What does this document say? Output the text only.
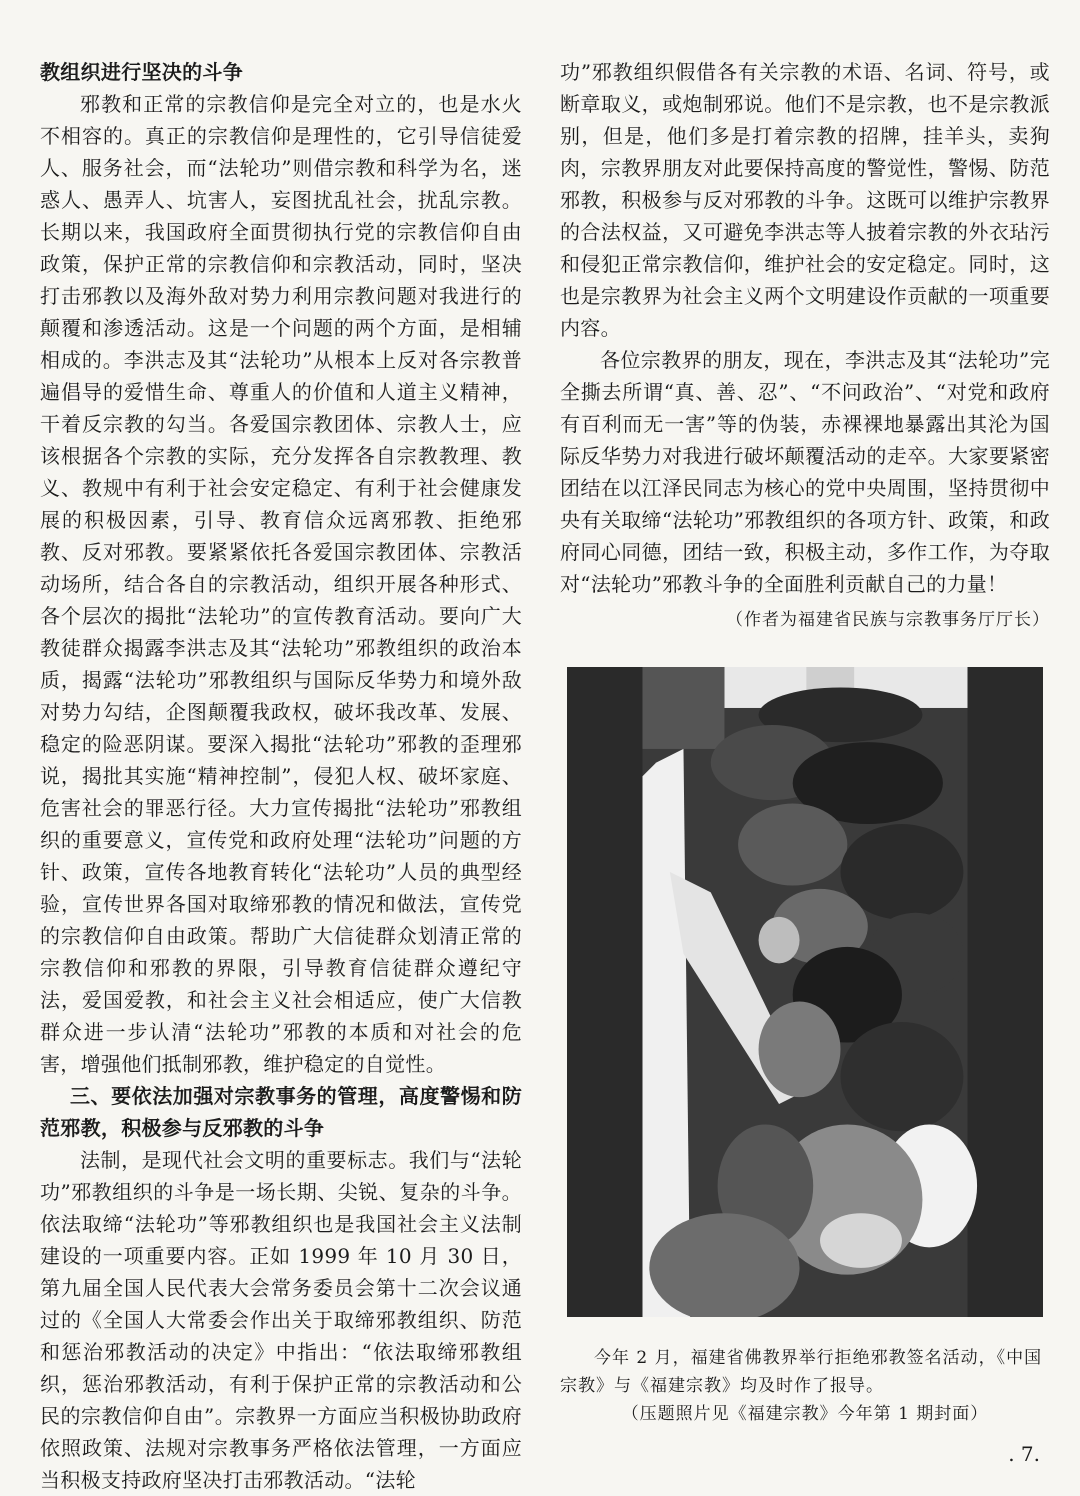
教组织进行坚决的斗争

邪教和正常的宗教信仰是完全对立的，也是水火不相容的。真正的宗教信仰是理性的，它引导信徒爱人、服务社会，而“法轮功”则借宗教和科学为名，迷惑人、愚弄人、坑害人，妄图扰乱社会，扰乱宗教。长期以来，我国政府全面贯彻执行党的宗教信仰自由政策，保护正常的宗教信仰和宗教活动，同时，坚决打击邪教以及海外敌对势力利用宗教问题对我进行的颠覆和渗透活动。这是一个问题的两个方面，是相辅相成的。李洪志及其“法轮功”从根本上反对各宗教普遍倡导的爱惜生命、尊重人的价值和人道主义精神，干着反宗教的勾当。各爱国宗教团体、宗教人士，应该根据各个宗教的实际，充分发挥各自宗教教理、教义、教规中有利于社会安定稳定、有利于社会健康发展的积极因素，引导、教育信众远离邪教、拒绝邪教、反对邪教。要紧紧依托各爱国宗教团体、宗教活动场所，结合各自的宗教活动，组织开展各种形式、各个层次的揭批“法轮功”的宣传教育活动。要向广大教徒群众揭露李洪志及其“法轮功”邪教组织的政治本质，揭露“法轮功”邪教组织与国际反华势力和境外敌对势力勾结，企图颠覆我政权，破坏我改革、发展、稳定的险恶阴谋。要深入揭批“法轮功”邪教的歪理邪说，揭批其实施“精神控制”，侵犯人权、破坏家庭、危害社会的罪恶行径。大力宣传揭批“法轮功”邪教组织的重要意义，宣传党和政府处理“法轮功”问题的方针、政策，宣传各地教育转化“法轮功”人员的典型经验，宣传世界各国对取缔邪教的情况和做法，宣传党的宗教信仰自由政策。帮助广大信徒群众划清正常的宗教信仰和邪教的界限，引导教育信徒群众遵纪守法，爱国爱教，和社会主义社会相适应，使广大信教群众进一步认清“法轮功”邪教的本质和对社会的危害，增强他们抵制邪教，维护稳定的自觉性。

三、要依法加强对宗教事务的管理，高度警惕和防范邪教，积极参与反邪教的斗争

法制，是现代社会文明的重要标志。我们与“法轮功”邪教组织的斗争是一场长期、尖锐、复杂的斗争。依法取缔“法轮功”等邪教组织也是我国社会主义法制建设的一项重要内容。正如 1999 年 10 月 30 日，第九届全国人民代表大会常务委员会第十二次会议通过的《全国人大常委会作出关于取缔邪教组织、防范和惩治邪教活动的决定》中指出：“依法取缔邪教组织，惩治邪教活动，有利于保护正常的宗教活动和公民的宗教信仰自由”。宗教界一方面应当积极协助政府依照政策、法规对宗教事务严格依法管理，一方面应当积极支持政府坚决打击邪教活动。“法轮

功”邪教组织假借各有关宗教的术语、名词、符号，或断章取义，或炮制邪说。他们不是宗教，也不是宗教派别，但是，他们多是打着宗教的招牌，挂羊头，卖狗肉，宗教界朋友对此要保持高度的警觉性，警惕、防范邪教，积极参与反对邪教的斗争。这既可以维护宗教界的合法权益，又可避免李洪志等人披着宗教的外衣玷污和侵犯正常宗教信仰，维护社会的安定稳定。同时，这也是宗教界为社会主义两个文明建设作贡献的一项重要内容。

各位宗教界的朋友，现在，李洪志及其“法轮功”完全撕去所谓“真、善、忍”、“不问政治”、“对党和政府有百利而无一害”等的伪装，赤裸裸地暴露出其沦为国际反华势力对我进行破坏颠覆活动的走卒。大家要紧密团结在以江泽民同志为核心的党中央周围，坚持贯彻中央有关取缔“法轮功”邪教组织的各项方针、政策，和政府同心同德，团结一致，积极主动，多作工作，为夺取对“法轮功”邪教斗争的全面胜利贡献自己的力量！

（作者为福建省民族与宗教事务厅厅长）

今年 2 月，福建省佛教界举行拒绝邪教签名活动，《中国宗教》与《福建宗教》均及时作了报导。

（压题照片见《福建宗教》今年第 1 期封面）

. 7.
